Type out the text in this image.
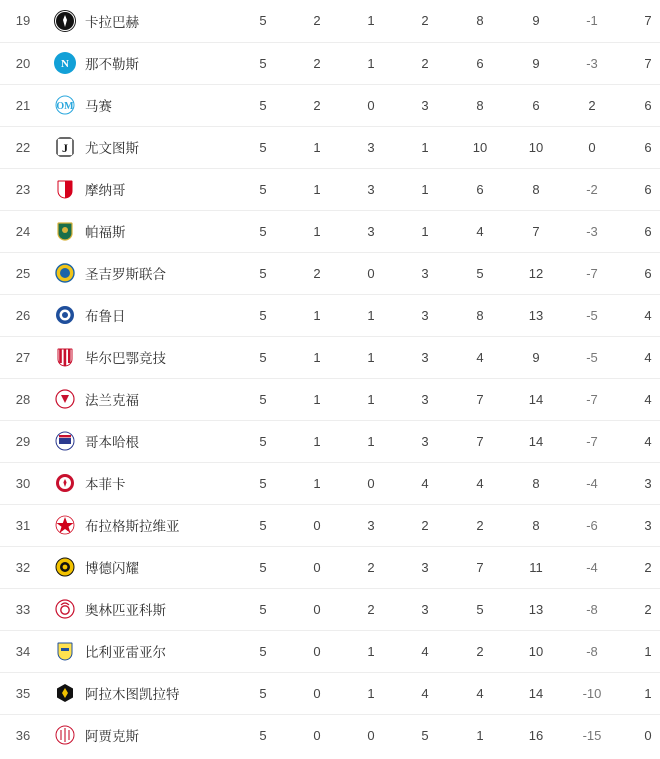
19	卡拉巴赫	5	2	1	2	8	9	-1	7
20	N 那不勒斯	5	2	1	2	6	9	-3	7
21	OM 马赛	5	2	0	3	8	6	2	6
22	J 尤文图斯	5	1	3	1	10	10	0	6
23	摩纳哥	5	1	3	1	6	8	-2	6
24	帕福斯	5	1	3	1	4	7	-3	6
25	圣吉罗斯联合	5	2	0	3	5	12	-7	6
26	布鲁日	5	1	1	3	8	13	-5	4
27	毕尔巴鄂竞技	5	1	1	3	4	9	-5	4
28	法兰克福	5	1	1	3	7	14	-7	4
29	哥本哈根	5	1	1	3	7	14	-7	4
30	本菲卡	5	1	0	4	4	8	-4	3
31	布拉格斯拉维亚	5	0	3	2	2	8	-6	3
32	博德闪耀	5	0	2	3	7	11	-4	2
33	奥林匹亚科斯	5	0	2	3	5	13	-8	2
34	比利亚雷亚尔	5	0	1	4	2	10	-8	1
35	阿拉木图凯拉特	5	0	1	4	4	14	-10	1
36	阿贾克斯	5	0	0	5	1	16	-15	0
